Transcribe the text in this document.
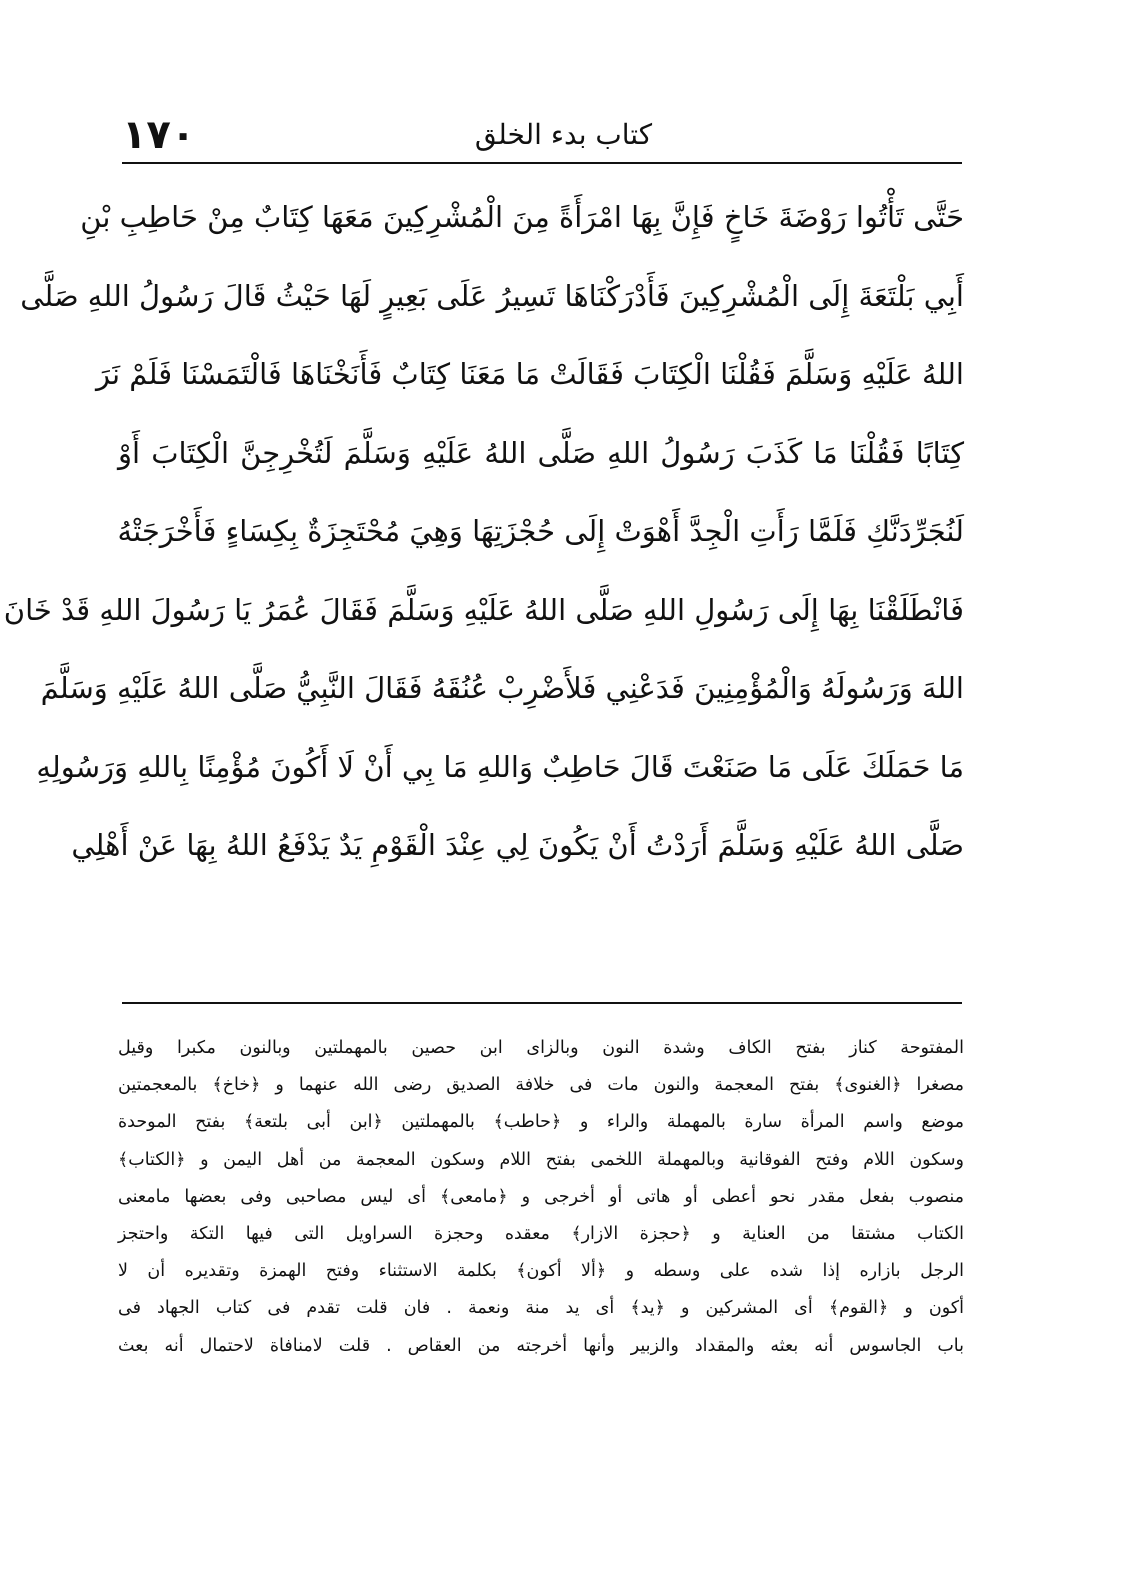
١٧٠	كتاب بدء الخلق
حَتَّى تَأْتُوا رَوْضَةَ خَاخٍ فَإِنَّ بِهَا امْرَأَةً مِنَ الْمُشْرِكِينَ مَعَهَا كِتَابٌ مِنْ حَاطِبِ بْنِ
أَبِي بَلْتَعَةَ إِلَى الْمُشْرِكِينَ فَأَدْرَكْنَاهَا تَسِيرُ عَلَى بَعِيرٍ لَهَا حَيْثُ قَالَ رَسُولُ اللهِ صَلَّى
اللهُ عَلَيْهِ وَسَلَّمَ فَقُلْنَا الْكِتَابَ فَقَالَتْ مَا مَعَنَا كِتَابٌ فَأَنَخْنَاهَا فَالْتَمَسْنَا فَلَمْ نَرَ
كِتَابًا فَقُلْنَا مَا كَذَبَ رَسُولُ اللهِ صَلَّى اللهُ عَلَيْهِ وَسَلَّمَ لَتُخْرِجِنَّ الْكِتَابَ أَوْ
لَنُجَرِّدَنَّكِ فَلَمَّا رَأَتِ الْجِدَّ أَهْوَتْ إِلَى حُجْزَتِهَا وَهِيَ مُحْتَجِزَةٌ بِكِسَاءٍ فَأَخْرَجَتْهُ
فَانْطَلَقْنَا بِهَا إِلَى رَسُولِ اللهِ صَلَّى اللهُ عَلَيْهِ وَسَلَّمَ فَقَالَ عُمَرُ يَا رَسُولَ اللهِ قَدْ خَانَ
اللهَ وَرَسُولَهُ وَالْمُؤْمِنِينَ فَدَعْنِي فَلأَضْرِبْ عُنُقَهُ فَقَالَ النَّبِيُّ صَلَّى اللهُ عَلَيْهِ وَسَلَّمَ
مَا حَمَلَكَ عَلَى مَا صَنَعْتَ قَالَ حَاطِبٌ وَاللهِ مَا بِي أَنْ لَا أَكُونَ مُؤْمِنًا بِاللهِ وَرَسُولِهِ
صَلَّى اللهُ عَلَيْهِ وَسَلَّمَ أَرَدْتُ أَنْ يَكُونَ لِي عِنْدَ الْقَوْمِ يَدٌ يَدْفَعُ اللهُ بِهَا عَنْ أَهْلِي
المفتوحة كناز بفتح الكاف وشدة النون وبالزاى ابن حصين بالمهملتين وبالنون مكبرا وقيل
مصغرا ﴿الغنوى﴾ بفتح المعجمة والنون مات فى خلافة الصديق رضى الله عنهما و ﴿خاخ﴾ بالمعجمتين
موضع واسم المرأة سارة بالمهملة والراء و ﴿حاطب﴾ بالمهملتين ﴿ابن أبى بلتعة﴾ بفتح الموحدة
وسكون اللام وفتح الفوقانية وبالمهملة اللخمى بفتح اللام وسكون المعجمة من أهل اليمن و ﴿الكتاب﴾
منصوب بفعل مقدر نحو أعطى أو هاتى أو أخرجى و ﴿مامعى﴾ أى ليس مصاحبى وفى بعضها مامعنى
الكتاب مشتقا من العناية و ﴿حجزة الازار﴾ معقده وحجزة السراويل التى فيها التكة واحتجز
الرجل بازاره إذا شده على وسطه و ﴿ألا أكون﴾ بكلمة الاستثناء وفتح الهمزة وتقديره أن لا
أكون و ﴿القوم﴾ أى المشركين و ﴿يد﴾ أى يد منة ونعمة . فان قلت تقدم فى كتاب الجهاد فى
باب الجاسوس أنه بعثه والمقداد والزبير وأنها أخرجته من العقاص . قلت لامنافاة لاحتمال أنه بعث
